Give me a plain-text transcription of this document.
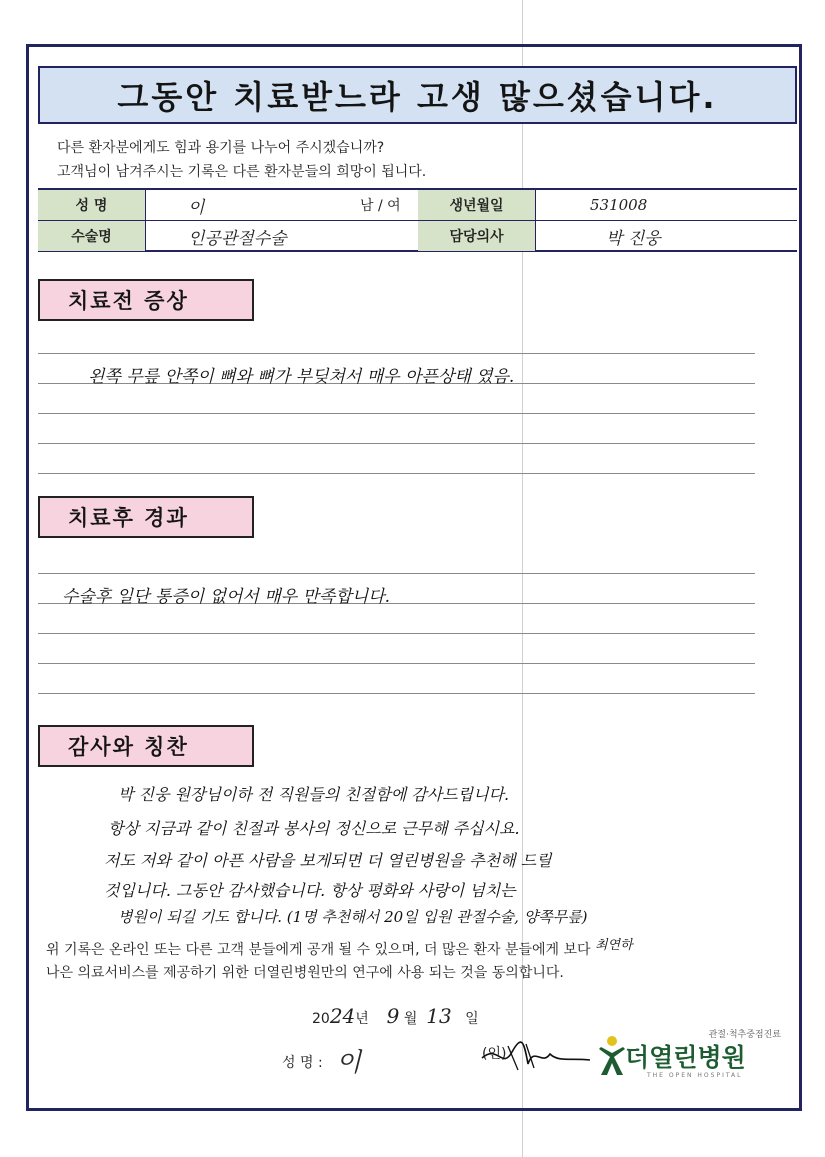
그동안 치료받느라 고생 많으셨습니다.
다른 환자분에게도 힘과 용기를 나누어 주시겠습니까?
고객님이 남겨주시는 기록은 다른 환자분들의 희망이 됩니다.
성 명	이	남 / 여	생년월일	531008
수술명	인공관절수술	담당의사	박 진웅
치료전 증상
왼쪽 무릎 안쪽이 뼈와 뼈가 부딪쳐서 매우 아픈상태 였음.
치료후 경과
수술후 일단 통증이 없어서 매우 만족합니다.
감사와 칭찬
박 진웅 원장님이하 전 직원들의 친절함에 감사드립니다.
항상 지금과 같이 친절과 봉사의 정신으로 근무해 주십시요.
저도 저와 같이 아픈 사람을 보게되면 더 열린병원을 추천해 드릴
것입니다. 그동안 감사했습니다. 항상 평화와 사랑이 넘치는
병원이 되길 기도 합니다. (1명 추천해서 20일 입원 관절수술, 양쪽무릎)
위 기록은 온라인 또는 다른 고객 분들에게 공개 될 수 있으며, 더 많은 환자 분들에게 보다 최연하
나은 의료서비스를 제공하기 위한 더열린병원만의 연구에 사용 되는 것을 동의합니다.
2024년 9 월 13 일
성 명 : 이	(인)
관절·척추중점진료
더열린병원
THE OPEN HOSPITAL
